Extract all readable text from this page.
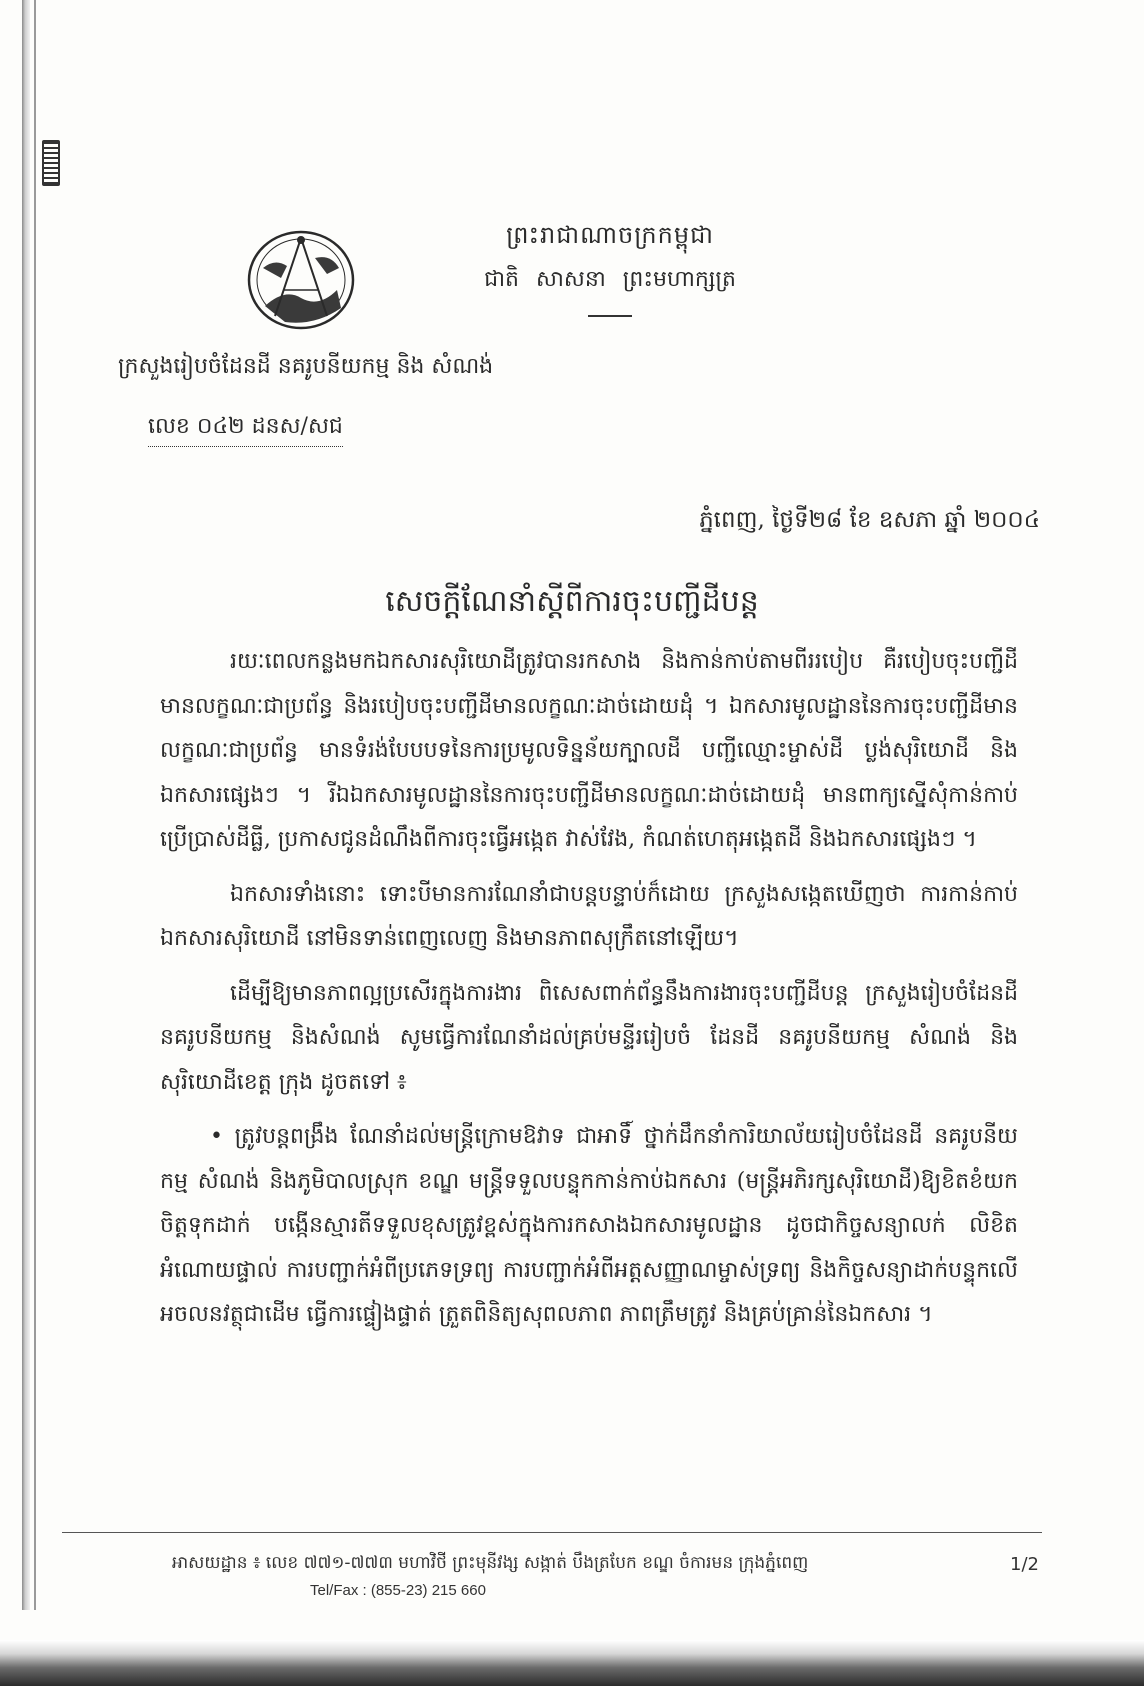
ព្រះរាជាណាចក្រកម្ពុជា
ជាតិ សាសនា ព្រះមហាក្សត្រ
ក្រសួងរៀបចំដែនដី នគរូបនីយកម្ម និង សំណង់
លេខ ០៤២ ដនស/សជ
ភ្នំពេញ, ថ្ងៃទី២៨ ខែ ឧសភា ឆ្នាំ ២០០៤
សេចក្តីណែនាំស្តីពីការចុះបញ្ជីដីបន្ត

រយៈពេលកន្លងមកឯកសារសុរិយោដីត្រូវបានរកសាង និងកាន់កាប់តាមពីររបៀប គឺរបៀបចុះបញ្ជីដីមានលក្ខណៈជាប្រព័ន្ធ និងរបៀបចុះបញ្ជីដីមានលក្ខណៈដាច់ដោយដុំ ។ ឯកសារមូលដ្ឋាននៃការចុះបញ្ជីដីមានលក្ខណៈជាប្រព័ន្ធ មានទំរង់បែបបទនៃការប្រមូលទិន្នន័យក្បាលដី បញ្ជីឈ្មោះម្ចាស់ដី ប្លង់សុរិយោដី និងឯកសារផ្សេងៗ ។ រីឯឯកសារមូលដ្ឋាននៃការចុះបញ្ជីដីមានលក្ខណៈដាច់ដោយដុំ មានពាក្យស្នើសុំកាន់កាប់ ប្រើប្រាស់ដីធ្លី, ប្រកាសជូនដំណឹងពីការចុះធ្វើអង្កេត វាស់វែង, កំណត់ហេតុអង្កេតដី និងឯកសារផ្សេងៗ ។

ឯកសារទាំងនោះ ទោះបីមានការណែនាំជាបន្តបន្ទាប់ក៏ដោយ ក្រសួងសង្កេតឃើញថា ការកាន់កាប់ឯកសារសុរិយោដី នៅមិនទាន់ពេញលេញ និងមានភាពសុក្រឹតនៅឡើយ។

ដើម្បីឱ្យមានភាពល្អប្រសើរក្នុងការងារ ពិសេសពាក់ព័ន្ធនឹងការងារចុះបញ្ជីដីបន្ត ក្រសួងរៀបចំដែនដី នគរូបនីយកម្ម និងសំណង់ សូមធ្វើការណែនាំដល់គ្រប់មន្ទីររៀបចំ ដែនដី នគរូបនីយកម្ម សំណង់ និងសុរិយោដីខេត្ត ក្រុង ដូចតទៅ ៖

• ត្រូវបន្តពង្រឹង ណែនាំដល់មន្ត្រីក្រោមឱវាទ ជាអាទិ៍ ថ្នាក់ដឹកនាំការិយាល័យរៀបចំដែនដី នគរូបនីយកម្ម សំណង់ និងភូមិបាលស្រុក ខណ្ឌ មន្ត្រីទទួលបន្ទុកកាន់កាប់ឯកសារ (មន្ត្រីអភិរក្សសុរិយោដី)ឱ្យខិតខំយកចិត្តទុកដាក់ បង្កើនស្មារតីទទួលខុសត្រូវខ្ពស់ក្នុងការកសាងឯកសារមូលដ្ឋាន ដូចជាកិច្ចសន្យាលក់ លិខិតអំណោយផ្ទាល់ ការបញ្ជាក់អំពីប្រភេទទ្រព្យ ការបញ្ជាក់អំពីអត្តសញ្ញាណម្ចាស់ទ្រព្យ និងកិច្ចសន្យាដាក់បន្ទុកលើអចលនវត្ថុជាដើម ធ្វើការផ្ទៀងផ្ទាត់ ត្រួតពិនិត្យសុពលភាព ភាពត្រឹមត្រូវ និងគ្រប់គ្រាន់នៃឯកសារ ។

អាសយដ្ឋាន ៖ លេខ ៧៧១-៧៧៣ មហាវិថី ព្រះមុនីវង្ស សង្កាត់ បឹងត្របែក ខណ្ឌ ចំការមន ក្រុងភ្នំពេញ	1/2
Tel/Fax : (855-23) 215 660
